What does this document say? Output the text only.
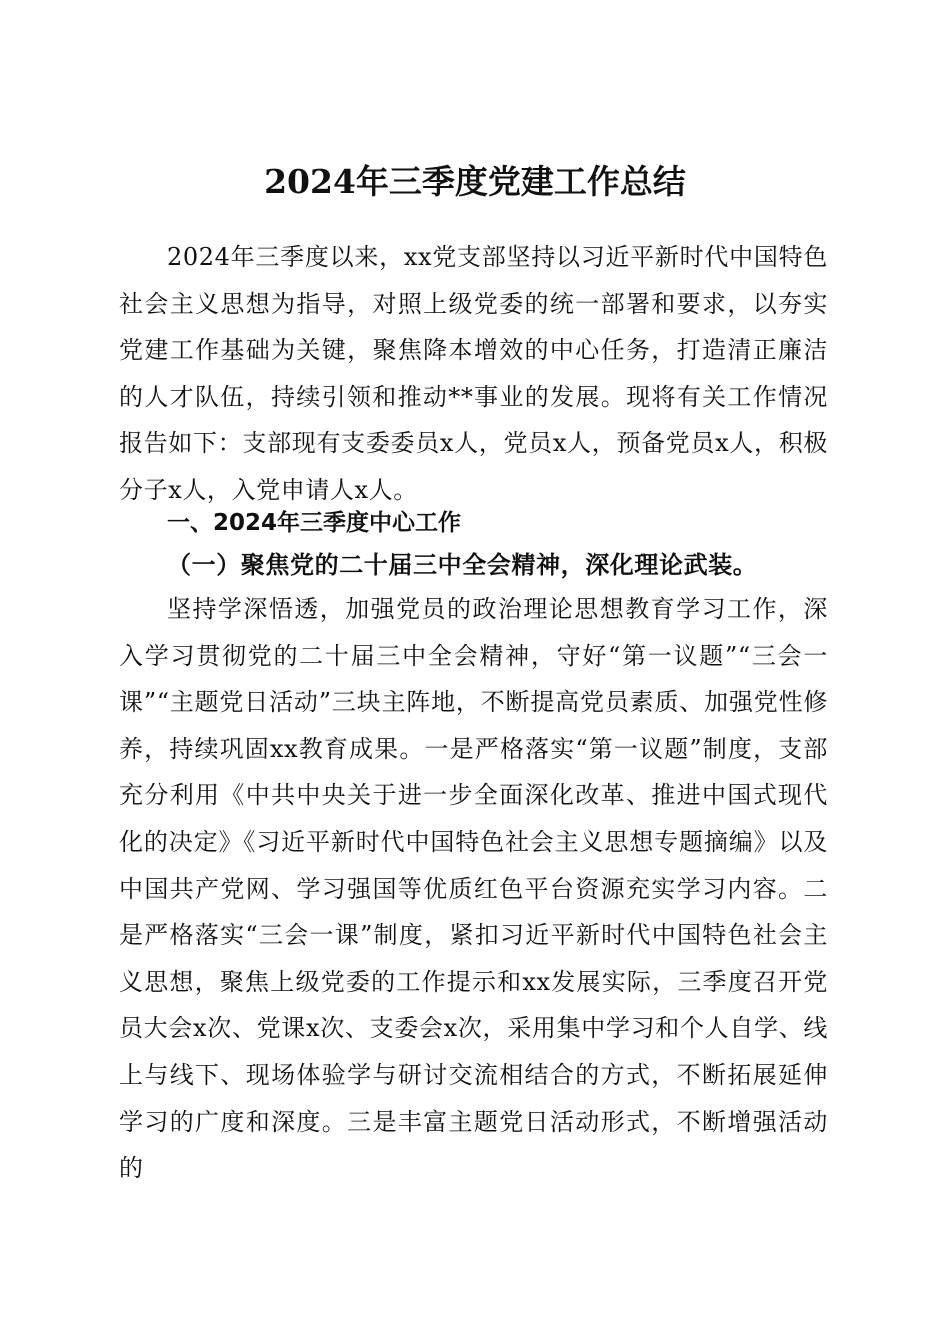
2024年三季度党建工作总结

2024年三季度以来，xx党支部坚持以习近平新时代中国特色社会主义思想为指导，对照上级党委的统一部署和要求，以夯实党建工作基础为关键，聚焦降本增效的中心任务，打造清正廉洁的人才队伍，持续引领和推动**事业的发展。现将有关工作情况报告如下：支部现有支委委员x人，党员x人，预备党员x人，积极分子x人，入党申请人x人。

一、2024年三季度中心工作
（一）聚焦党的二十届三中全会精神，深化理论武装。

坚持学深悟透，加强党员的政治理论思想教育学习工作，深入学习贯彻党的二十届三中全会精神，守好“第一议题”“三会一课”“主题党日活动”三块主阵地，不断提高党员素质、加强党性修养，持续巩固xx教育成果。一是严格落实“第一议题”制度，支部充分利用《中共中央关于进一步全面深化改革、推进中国式现代化的决定》《习近平新时代中国特色社会主义思想专题摘编》以及中国共产党网、学习强国等优质红色平台资源充实学习内容。二是严格落实“三会一课”制度，紧扣习近平新时代中国特色社会主义思想，聚焦上级党委的工作提示和xx发展实际，三季度召开党员大会x次、党课x次、支委会x次，采用集中学习和个人自学、线上与线下、现场体验学与研讨交流相结合的方式，不断拓展延伸学习的广度和深度。三是丰富主题党日活动形式，不断增强活动的
